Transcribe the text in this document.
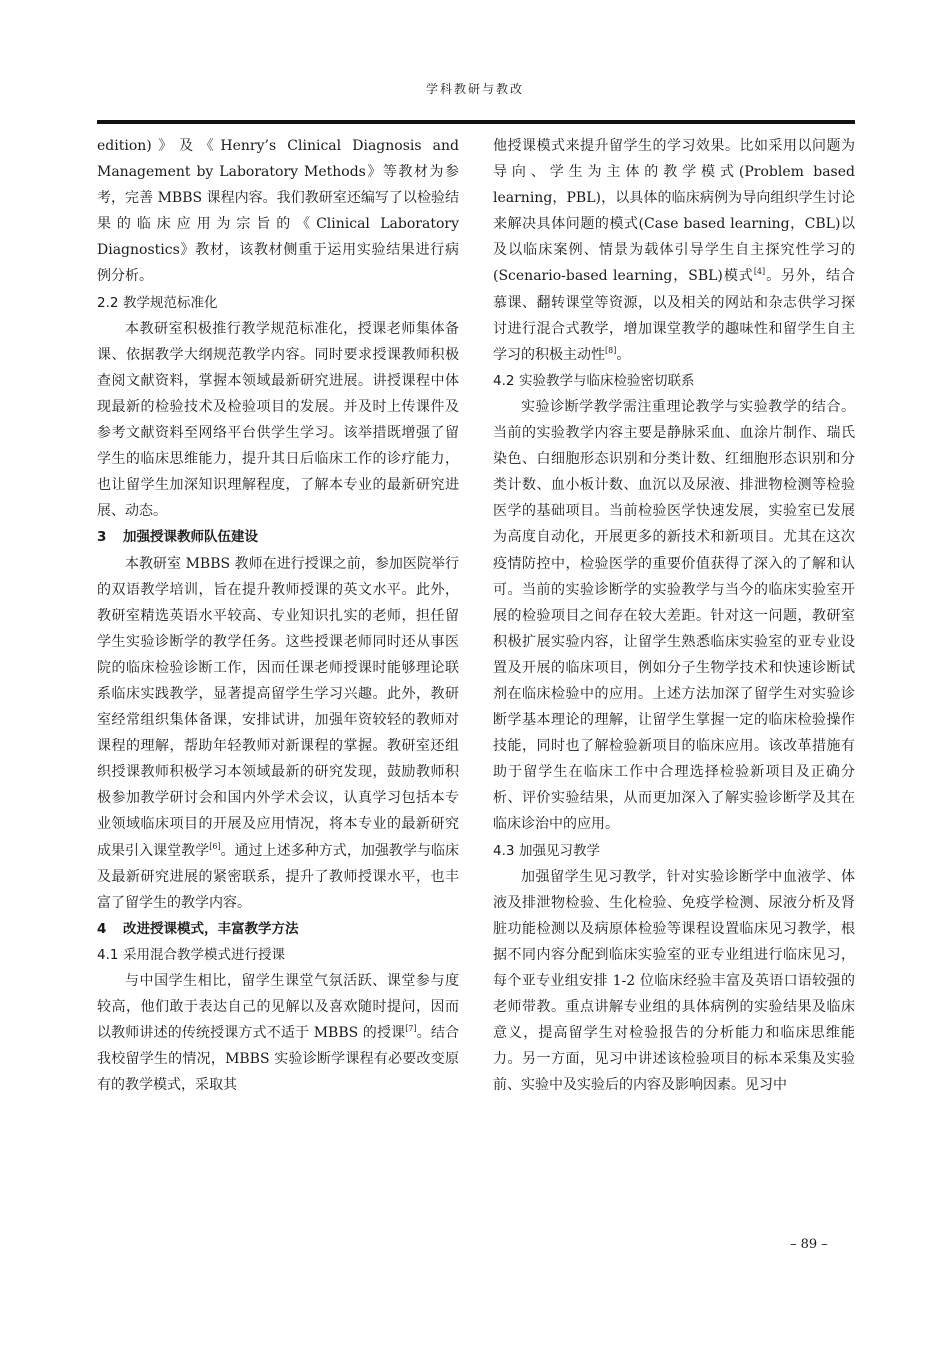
学科教研与教改

edition)》及《Henry’s Clinical Diagnosis and Management by Laboratory Methods》等教材为参考，完善 MBBS 课程内容。我们教研室还编写了以检验结果的临床应用为宗旨的《Clinical Laboratory Diagnostics》教材，该教材侧重于运用实验结果进行病例分析。

2.2 教学规范标准化

本教研室积极推行教学规范标准化，授课老师集体备课、依据教学大纲规范教学内容。同时要求授课教师积极查阅文献资料，掌握本领域最新研究进展。讲授课程中体现最新的检验技术及检验项目的发展。并及时上传课件及参考文献资料至网络平台供学生学习。该举措既增强了留学生的临床思维能力，提升其日后临床工作的诊疗能力，也让留学生加深知识理解程度，了解本专业的最新研究进展、动态。

3 加强授课教师队伍建设

本教研室 MBBS 教师在进行授课之前，参加医院举行的双语教学培训，旨在提升教师授课的英文水平。此外，教研室精选英语水平较高、专业知识扎实的老师，担任留学生实验诊断学的教学任务。这些授课老师同时还从事医院的临床检验诊断工作，因而任课老师授课时能够理论联系临床实践教学，显著提高留学生学习兴趣。此外，教研室经常组织集体备课，安排试讲，加强年资较轻的教师对课程的理解，帮助年轻教师对新课程的掌握。教研室还组织授课教师积极学习本领域最新的研究发现，鼓励教师积极参加教学研讨会和国内外学术会议，认真学习包括本专业领域临床项目的开展及应用情况，将本专业的最新研究成果引入课堂教学[6]。通过上述多种方式，加强教学与临床及最新研究进展的紧密联系，提升了教师授课水平，也丰富了留学生的教学内容。

4 改进授课模式，丰富教学方法

4.1 采用混合教学模式进行授课

与中国学生相比，留学生课堂气氛活跃、课堂参与度较高，他们敢于表达自己的见解以及喜欢随时提问，因而以教师讲述的传统授课方式不适于 MBBS 的授课[7]。结合我校留学生的情况，MBBS 实验诊断学课程有必要改变原有的教学模式，采取其

他授课模式来提升留学生的学习效果。比如采用以问题为导向、学生为主体的教学模式(Problem based learning，PBL)，以具体的临床病例为导向组织学生讨论来解决具体问题的模式(Case based learning，CBL)以及以临床案例、情景为载体引导学生自主探究性学习的(Scenario-based learning，SBL)模式[4]。另外，结合慕课、翻转课堂等资源，以及相关的网站和杂志供学习探讨进行混合式教学，增加课堂教学的趣味性和留学生自主学习的积极主动性[8]。

4.2 实验教学与临床检验密切联系

实验诊断学教学需注重理论教学与实验教学的结合。当前的实验教学内容主要是静脉采血、血涂片制作、瑞氏染色、白细胞形态识别和分类计数、红细胞形态识别和分类计数、血小板计数、血沉以及尿液、排泄物检测等检验医学的基础项目。当前检验医学快速发展，实验室已发展为高度自动化，开展更多的新技术和新项目。尤其在这次疫情防控中，检验医学的重要价值获得了深入的了解和认可。当前的实验诊断学的实验教学与当今的临床实验室开展的检验项目之间存在较大差距。针对这一问题，教研室积极扩展实验内容，让留学生熟悉临床实验室的亚专业设置及开展的临床项目，例如分子生物学技术和快速诊断试剂在临床检验中的应用。上述方法加深了留学生对实验诊断学基本理论的理解，让留学生掌握一定的临床检验操作技能，同时也了解检验新项目的临床应用。该改革措施有助于留学生在临床工作中合理选择检验新项目及正确分析、评价实验结果，从而更加深入了解实验诊断学及其在临床诊治中的应用。

4.3 加强见习教学

加强留学生见习教学，针对实验诊断学中血液学、体液及排泄物检验、生化检验、免疫学检测、尿液分析及肾脏功能检测以及病原体检验等课程设置临床见习教学，根据不同内容分配到临床实验室的亚专业组进行临床见习，每个亚专业组安排 1-2 位临床经验丰富及英语口语较强的老师带教。重点讲解专业组的具体病例的实验结果及临床意义，提高留学生对检验报告的分析能力和临床思维能力。另一方面，见习中讲述该检验项目的标本采集及实验前、实验中及实验后的内容及影响因素。见习中

– 89 –
